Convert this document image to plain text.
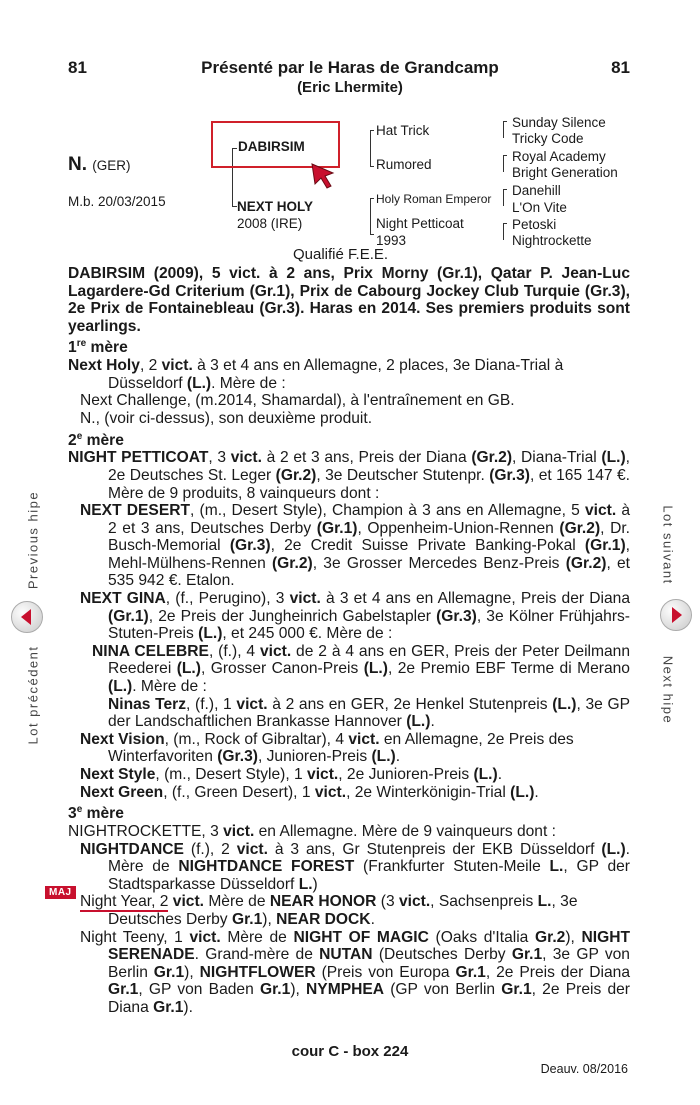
81	Présenté par le Haras de Grandcamp	81
(Eric Lhermite)
N. (GER)
M.b. 20/03/2015
DABIRSIM
NEXT HOLY
2008 (IRE)
Hat Trick
Rumored
Holy Roman Emperor
Night Petticoat
1993
Sunday Silence
Tricky Code
Royal Academy
Bright Generation
Danehill
L'On Vite
Petoski
Nightrockette
Qualifié F.E.E.

DABIRSIM (2009), 5 vict. à 2 ans, Prix Morny (Gr.1), Qatar P. Jean-Luc Lagardere-Gd Criterium (Gr.1), Prix de Cabourg Jockey Club Turquie (Gr.3), 2e Prix de Fontainebleau (Gr.3). Haras en 2014. Ses premiers produits sont yearlings.

1re mère

Next Holy, 2 vict. à 3 et 4 ans en Allemagne, 2 places, 3e Diana-Trial à Düsseldorf (L.). Mère de :

Next Challenge, (m.2014, Shamardal), à l'entraînement en GB.

N., (voir ci-dessus), son deuxième produit.

2e mère

NIGHT PETTICOAT, 3 vict. à 2 et 3 ans, Preis der Diana (Gr.2), Diana-Trial (L.), 2e Deutsches St. Leger (Gr.2), 3e Deutscher Stutenpr. (Gr.3), et 165 147 €. Mère de 9 produits, 8 vainqueurs dont :

NEXT DESERT, (m., Desert Style), Champion à 3 ans en Allemagne, 5 vict. à 2 et 3 ans, Deutsches Derby (Gr.1), Oppenheim-Union-Rennen (Gr.2), Dr. Busch-Memorial (Gr.3), 2e Credit Suisse Private Banking-Pokal (Gr.1), Mehl-Mülhens-Rennen (Gr.2), 3e Grosser Mercedes Benz-Preis (Gr.2), et 535 942 €. Etalon.

NEXT GINA, (f., Perugino), 3 vict. à 3 et 4 ans en Allemagne, Preis der Diana (Gr.1), 2e Preis der Jungheinrich Gabelstapler (Gr.3), 3e Kölner Frühjahrs-Stuten-Preis (L.), et 245 000 €. Mère de :

NINA CELEBRE, (f.), 4 vict. de 2 à 4 ans en GER, Preis der Peter Deilmann Reederei (L.), Grosser Canon-Preis (L.), 2e Premio EBF Terme di Merano (L.). Mère de :

Ninas Terz, (f.), 1 vict. à 2 ans en GER, 2e Henkel Stutenpreis (L.), 3e GP der Landschaftlichen Brankasse Hannover (L.).

Next Vision, (m., Rock of Gibraltar), 4 vict. en Allemagne, 2e Preis des Winterfavoriten (Gr.3), Junioren-Preis (L.).

Next Style, (m., Desert Style), 1 vict., 2e Junioren-Preis (L.).

Next Green, (f., Green Desert), 1 vict., 2e Winterkönigin-Trial (L.).

3e mère

NIGHTROCKETTE, 3 vict. en Allemagne. Mère de 9 vainqueurs dont :

NIGHTDANCE (f.), 2 vict. à 3 ans, Gr Stutenpreis der EKB Düsseldorf (L.). Mère de NIGHTDANCE FOREST (Frankfurter Stuten-Meile L., GP der Stadtsparkasse Düsseldorf L.)

Night Year, 2 vict. Mère de NEAR HONOR (3 vict., Sachsenpreis L., 3e Deutsches Derby Gr.1), NEAR DOCK.

Night Teeny, 1 vict. Mère de NIGHT OF MAGIC (Oaks d'Italia Gr.2), NIGHT SERENADE. Grand-mère de NUTAN (Deutsches Derby Gr.1, 3e GP von Berlin Gr.1), NIGHTFLOWER (Preis von Europa Gr.1, 2e Preis der Diana Gr.1, GP von Baden Gr.1), NYMPHEA (GP von Berlin Gr.1, 2e Preis der Diana Gr.1).

MAJ
cour C - box 224
Deauv. 08/2016
Previous hipe
Lot précédent
Lot suivant
Next hipe
